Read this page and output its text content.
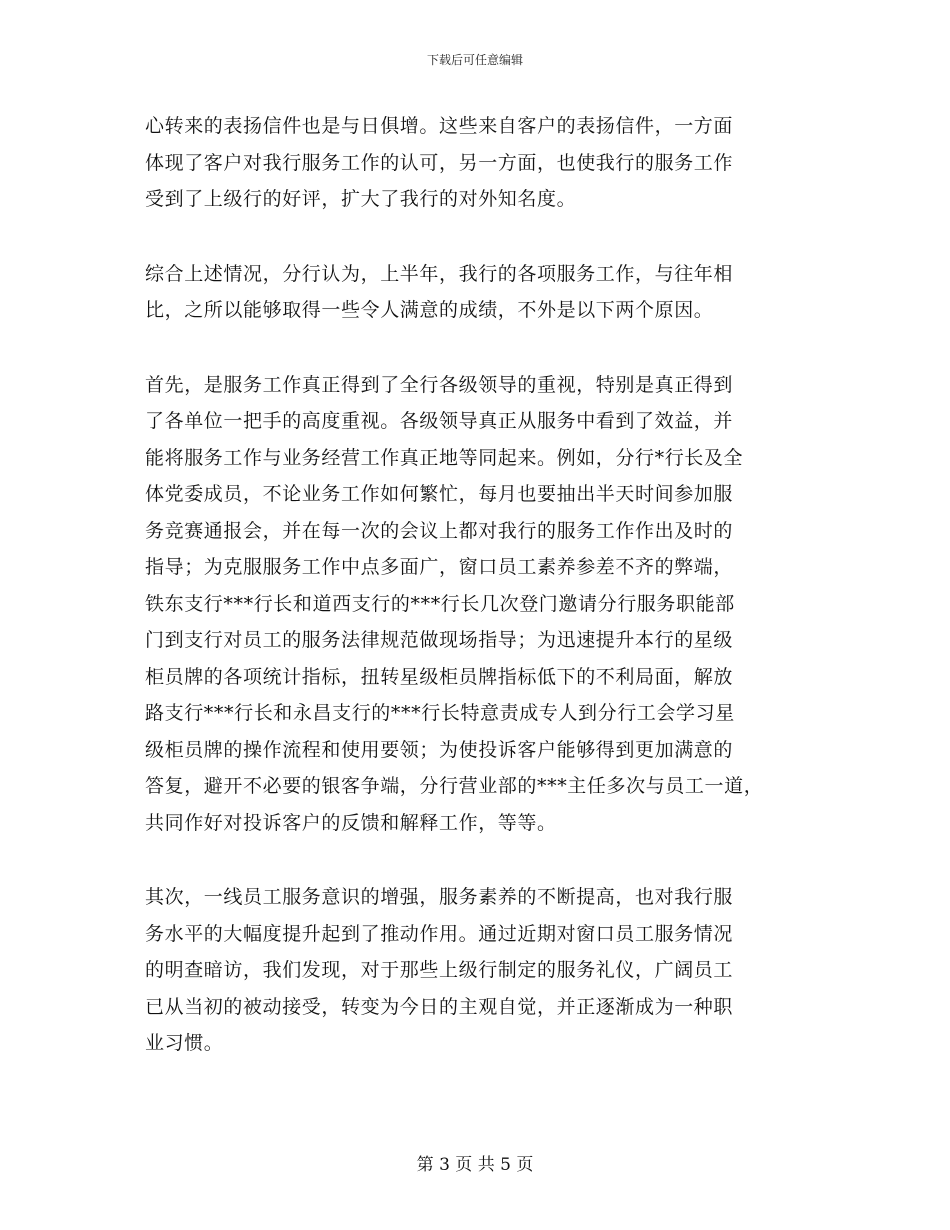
下载后可任意编辑

心转来的表扬信件也是与日俱增。这些来自客户的表扬信件，一方面
体现了客户对我行服务工作的认可，另一方面，也使我行的服务工作
受到了上级行的好评，扩大了我行的对外知名度。

综合上述情况，分行认为，上半年，我行的各项服务工作，与往年相
比，之所以能够取得一些令人满意的成绩，不外是以下两个原因。

首先，是服务工作真正得到了全行各级领导的重视，特别是真正得到
了各单位一把手的高度重视。各级领导真正从服务中看到了效益，并
能将服务工作与业务经营工作真正地等同起来。例如，分行*行长及全
体党委成员，不论业务工作如何繁忙，每月也要抽出半天时间参加服
务竞赛通报会，并在每一次的会议上都对我行的服务工作作出及时的
指导；为克服服务工作中点多面广，窗口员工素养参差不齐的弊端，
铁东支行***行长和道西支行的***行长几次登门邀请分行服务职能部
门到支行对员工的服务法律规范做现场指导；为迅速提升本行的星级
柜员牌的各项统计指标，扭转星级柜员牌指标低下的不利局面，解放
路支行***行长和永昌支行的***行长特意责成专人到分行工会学习星
级柜员牌的操作流程和使用要领；为使投诉客户能够得到更加满意的
答复，避开不必要的银客争端，分行营业部的***主任多次与员工一道，
共同作好对投诉客户的反馈和解释工作，等等。

其次，一线员工服务意识的增强，服务素养的不断提高，也对我行服
务水平的大幅度提升起到了推动作用。通过近期对窗口员工服务情况
的明查暗访，我们发现，对于那些上级行制定的服务礼仪，广阔员工
已从当初的被动接受，转变为今日的主观自觉，并正逐渐成为一种职
业习惯。

第 3 页 共 5 页
